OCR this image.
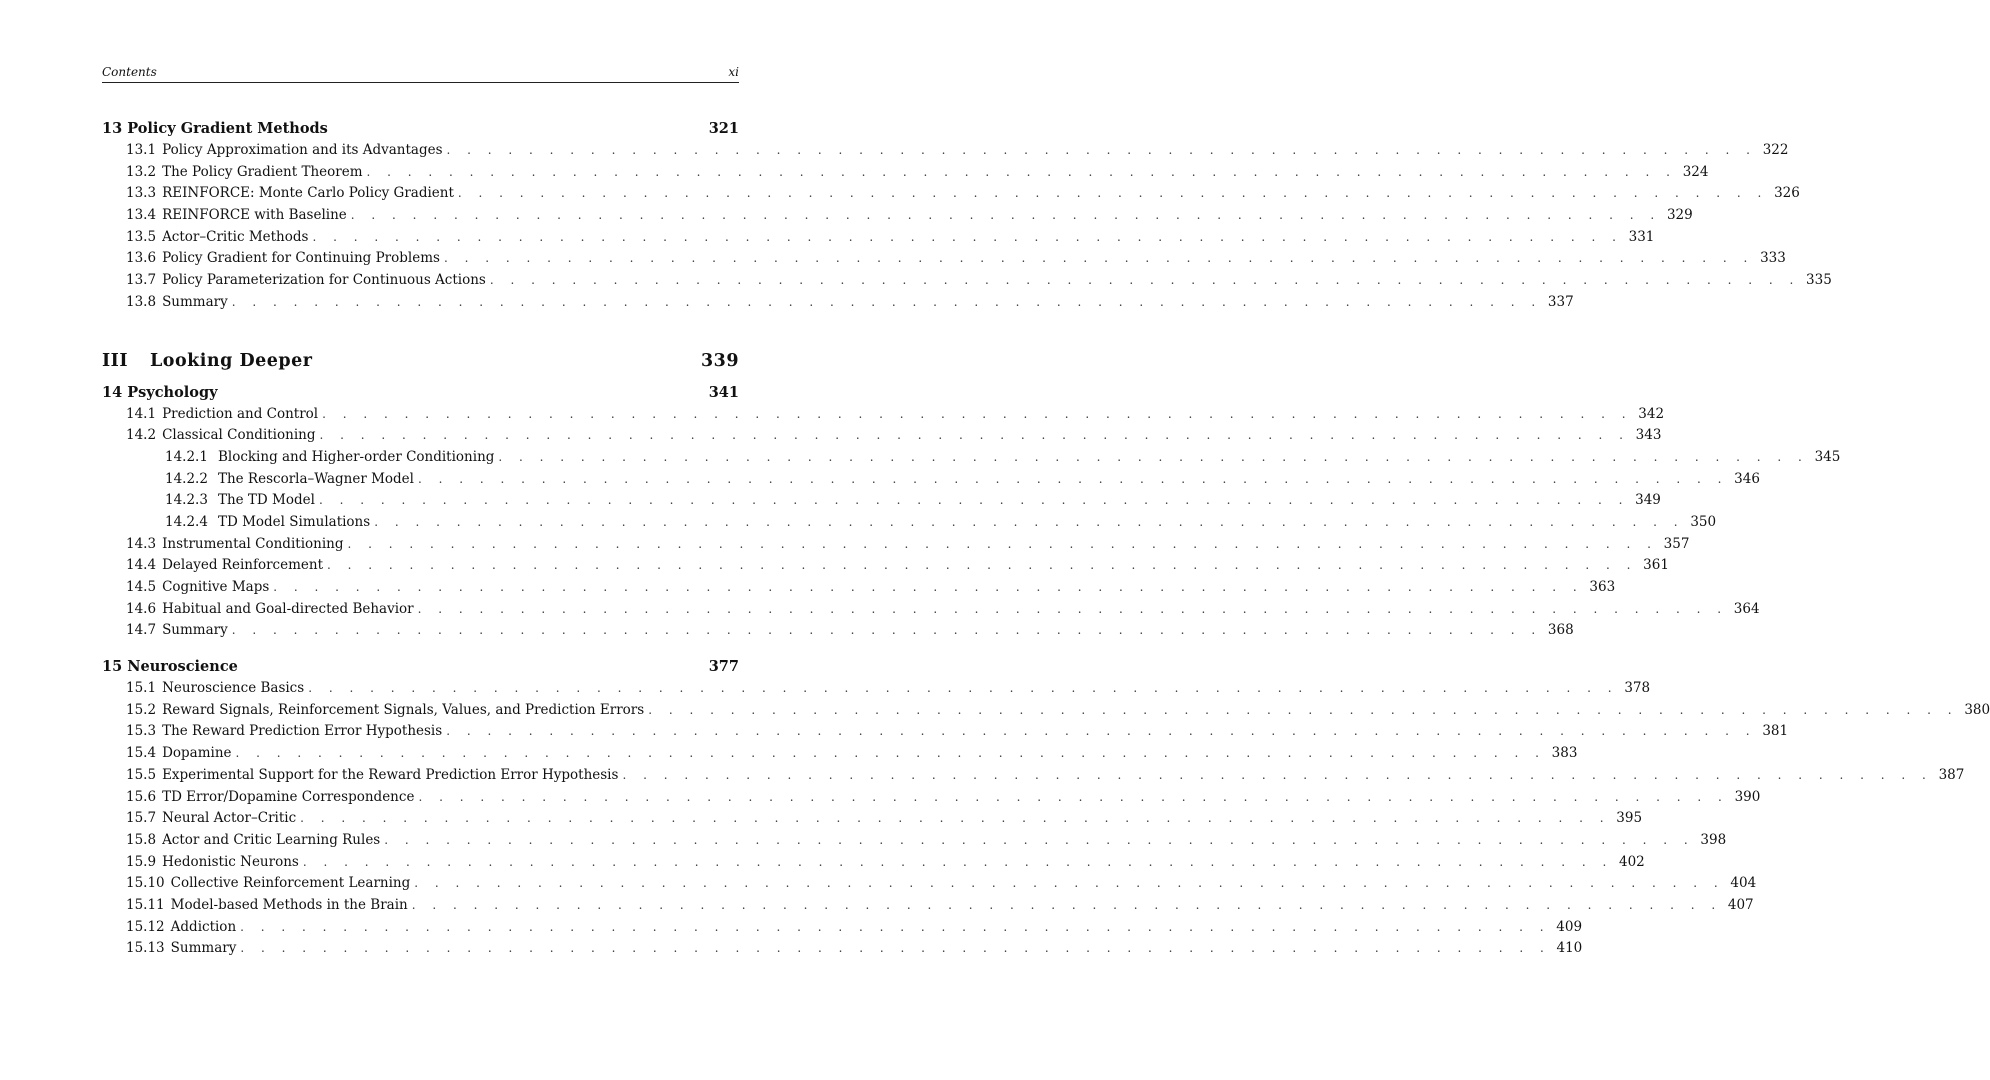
Contents	xi
13 Policy Gradient Methods	321
13.1 Policy Approximation and its Advantages . . . . . . . . . . . . . . . . . . . . . . . . . . . . . . . . . . . . . . . . . . . . . . . . . . . . . . . . . . . . . . . . 322
13.2 The Policy Gradient Theorem . . . . . . . . . . . . . . . . . . . . . . . . . . . . . . . . . . . . . . . . . . . . . . . . . . . . . . . . . . . . . . . . 324
13.3 REINFORCE: Monte Carlo Policy Gradient . . . . . . . . . . . . . . . . . . . . . . . . . . . . . . . . . . . . . . . . . . . . . . . . . . . . . . . . . . . . . . . . 326
13.4 REINFORCE with Baseline . . . . . . . . . . . . . . . . . . . . . . . . . . . . . . . . . . . . . . . . . . . . . . . . . . . . . . . . . . . . . . . . 329
13.5 Actor–Critic Methods . . . . . . . . . . . . . . . . . . . . . . . . . . . . . . . . . . . . . . . . . . . . . . . . . . . . . . . . . . . . . . . . 331
13.6 Policy Gradient for Continuing Problems . . . . . . . . . . . . . . . . . . . . . . . . . . . . . . . . . . . . . . . . . . . . . . . . . . . . . . . . . . . . . . . . 333
13.7 Policy Parameterization for Continuous Actions . . . . . . . . . . . . . . . . . . . . . . . . . . . . . . . . . . . . . . . . . . . . . . . . . . . . . . . . . . . . . . . . 335
13.8 Summary . . . . . . . . . . . . . . . . . . . . . . . . . . . . . . . . . . . . . . . . . . . . . . . . . . . . . . . . . . . . . . . . 337
III Looking Deeper	339
14 Psychology	341
14.1 Prediction and Control . . . . . . . . . . . . . . . . . . . . . . . . . . . . . . . . . . . . . . . . . . . . . . . . . . . . . . . . . . . . . . . . 342
14.2 Classical Conditioning . . . . . . . . . . . . . . . . . . . . . . . . . . . . . . . . . . . . . . . . . . . . . . . . . . . . . . . . . . . . . . . . 343
14.2.1 Blocking and Higher-order Conditioning . . . . . . . . . . . . . . . . . . . . . . . . . . . . . . . . . . . . . . . . . . . . . . . . . . . . . . . . . . . . . . . . 345
14.2.2 The Rescorla–Wagner Model . . . . . . . . . . . . . . . . . . . . . . . . . . . . . . . . . . . . . . . . . . . . . . . . . . . . . . . . . . . . . . . . 346
14.2.3 The TD Model . . . . . . . . . . . . . . . . . . . . . . . . . . . . . . . . . . . . . . . . . . . . . . . . . . . . . . . . . . . . . . . . 349
14.2.4 TD Model Simulations . . . . . . . . . . . . . . . . . . . . . . . . . . . . . . . . . . . . . . . . . . . . . . . . . . . . . . . . . . . . . . . . 350
14.3 Instrumental Conditioning . . . . . . . . . . . . . . . . . . . . . . . . . . . . . . . . . . . . . . . . . . . . . . . . . . . . . . . . . . . . . . . . 357
14.4 Delayed Reinforcement . . . . . . . . . . . . . . . . . . . . . . . . . . . . . . . . . . . . . . . . . . . . . . . . . . . . . . . . . . . . . . . . 361
14.5 Cognitive Maps . . . . . . . . . . . . . . . . . . . . . . . . . . . . . . . . . . . . . . . . . . . . . . . . . . . . . . . . . . . . . . . . 363
14.6 Habitual and Goal-directed Behavior . . . . . . . . . . . . . . . . . . . . . . . . . . . . . . . . . . . . . . . . . . . . . . . . . . . . . . . . . . . . . . . . 364
14.7 Summary . . . . . . . . . . . . . . . . . . . . . . . . . . . . . . . . . . . . . . . . . . . . . . . . . . . . . . . . . . . . . . . . 368
15 Neuroscience	377
15.1 Neuroscience Basics . . . . . . . . . . . . . . . . . . . . . . . . . . . . . . . . . . . . . . . . . . . . . . . . . . . . . . . . . . . . . . . . 378
15.2 Reward Signals, Reinforcement Signals, Values, and Prediction Errors . . . . . . . . . . . . . . . . . . . . . . . . . . . . . . . . . . . . . . . . . . . . . . . . . . . . . . . . . . . . . . . . 380
15.3 The Reward Prediction Error Hypothesis . . . . . . . . . . . . . . . . . . . . . . . . . . . . . . . . . . . . . . . . . . . . . . . . . . . . . . . . . . . . . . . . 381
15.4 Dopamine . . . . . . . . . . . . . . . . . . . . . . . . . . . . . . . . . . . . . . . . . . . . . . . . . . . . . . . . . . . . . . . . 383
15.5 Experimental Support for the Reward Prediction Error Hypothesis . . . . . . . . . . . . . . . . . . . . . . . . . . . . . . . . . . . . . . . . . . . . . . . . . . . . . . . . . . . . . . . . 387
15.6 TD Error/Dopamine Correspondence . . . . . . . . . . . . . . . . . . . . . . . . . . . . . . . . . . . . . . . . . . . . . . . . . . . . . . . . . . . . . . . . 390
15.7 Neural Actor–Critic . . . . . . . . . . . . . . . . . . . . . . . . . . . . . . . . . . . . . . . . . . . . . . . . . . . . . . . . . . . . . . . . 395
15.8 Actor and Critic Learning Rules . . . . . . . . . . . . . . . . . . . . . . . . . . . . . . . . . . . . . . . . . . . . . . . . . . . . . . . . . . . . . . . . 398
15.9 Hedonistic Neurons . . . . . . . . . . . . . . . . . . . . . . . . . . . . . . . . . . . . . . . . . . . . . . . . . . . . . . . . . . . . . . . . 402
15.10 Collective Reinforcement Learning . . . . . . . . . . . . . . . . . . . . . . . . . . . . . . . . . . . . . . . . . . . . . . . . . . . . . . . . . . . . . . . . 404
15.11 Model-based Methods in the Brain . . . . . . . . . . . . . . . . . . . . . . . . . . . . . . . . . . . . . . . . . . . . . . . . . . . . . . . . . . . . . . . . 407
15.12 Addiction . . . . . . . . . . . . . . . . . . . . . . . . . . . . . . . . . . . . . . . . . . . . . . . . . . . . . . . . . . . . . . . . 409
15.13 Summary . . . . . . . . . . . . . . . . . . . . . . . . . . . . . . . . . . . . . . . . . . . . . . . . . . . . . . . . . . . . . . . . 410
